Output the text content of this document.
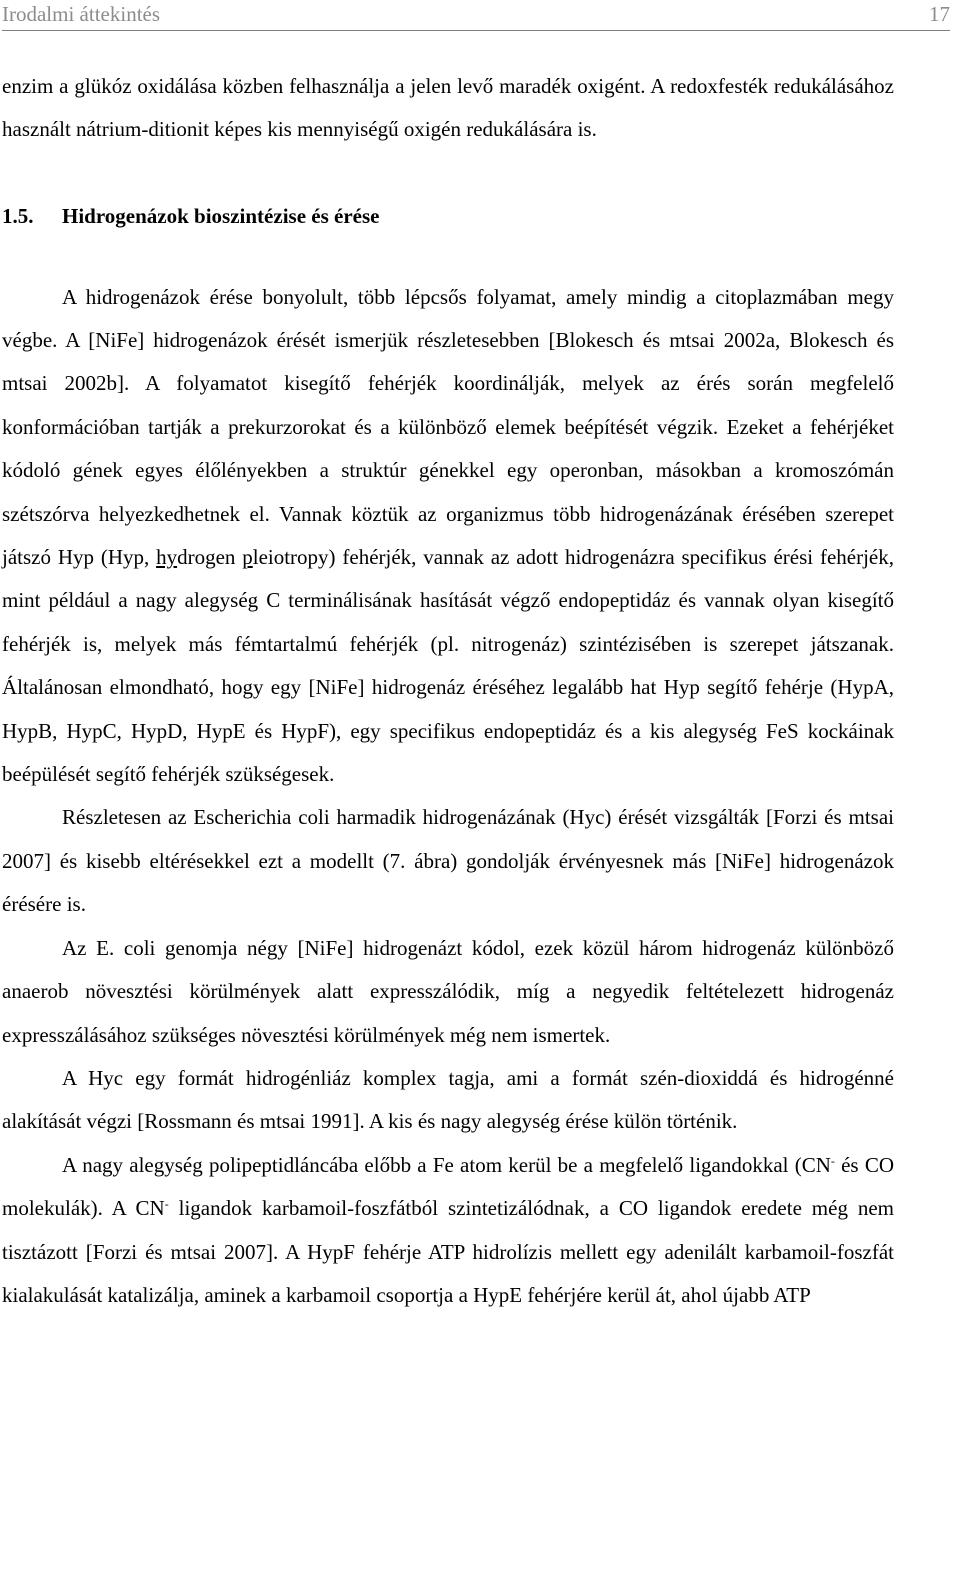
Irodalmi áttekintés	17

enzim a glükóz oxidálása közben felhasználja a jelen levő maradék oxigént. A redoxfesték redukálásához használt nátrium-ditionit képes kis mennyiségű oxigén redukálására is.

1.5. Hidrogenázok bioszintézise és érése

A hidrogenázok érése bonyolult, több lépcsős folyamat, amely mindig a citoplazmában megy végbe. A [NiFe] hidrogenázok érését ismerjük részletesebben [Blokesch és mtsai 2002a, Blokesch és mtsai 2002b]. A folyamatot kisegítő fehérjék koordinálják, melyek az érés során megfelelő konformációban tartják a prekurzorokat és a különböző elemek beépítését végzik. Ezeket a fehérjéket kódoló gének egyes élőlényekben a struktúr génekkel egy operonban, másokban a kromoszómán szétszórva helyezkedhetnek el. Vannak köztük az organizmus több hidrogenázának érésében szerepet játszó Hyp (Hyp, hydrogen pleiotropy) fehérjék, vannak az adott hidrogenázra specifikus érési fehérjék, mint például a nagy alegység C terminálisának hasítását végző endopeptidáz és vannak olyan kisegítő fehérjék is, melyek más fémtartalmú fehérjék (pl. nitrogenáz) szintézisében is szerepet játszanak. Általánosan elmondható, hogy egy [NiFe] hidrogenáz éréséhez legalább hat Hyp segítő fehérje (HypA, HypB, HypC, HypD, HypE és HypF), egy specifikus endopeptidáz és a kis alegység FeS kockáinak beépülését segítő fehérjék szükségesek.

Részletesen az Escherichia coli harmadik hidrogenázának (Hyc) érését vizsgálták [Forzi és mtsai 2007] és kisebb eltérésekkel ezt a modellt (7. ábra) gondolják érvényesnek más [NiFe] hidrogenázok érésére is.

Az E. coli genomja négy [NiFe] hidrogenázt kódol, ezek közül három hidrogenáz különböző anaerob növesztési körülmények alatt expresszálódik, míg a negyedik feltételezett hidrogenáz expresszálásához szükséges növesztési körülmények még nem ismertek.

A Hyc egy formát hidrogénliáz komplex tagja, ami a formát szén-dioxiddá és hidrogénné alakítását végzi [Rossmann és mtsai 1991]. A kis és nagy alegység érése külön történik.

A nagy alegység polipeptidláncába előbb a Fe atom kerül be a megfelelő ligandokkal (CN- és CO molekulák). A CN- ligandok karbamoil-foszfátból szintetizálódnak, a CO ligandok eredete még nem tisztázott [Forzi és mtsai 2007]. A HypF fehérje ATP hidrolízis mellett egy adenilált karbamoil-foszfát kialakulását katalizálja, aminek a karbamoil csoportja a HypE fehérjére kerül át, ahol újabb ATP
